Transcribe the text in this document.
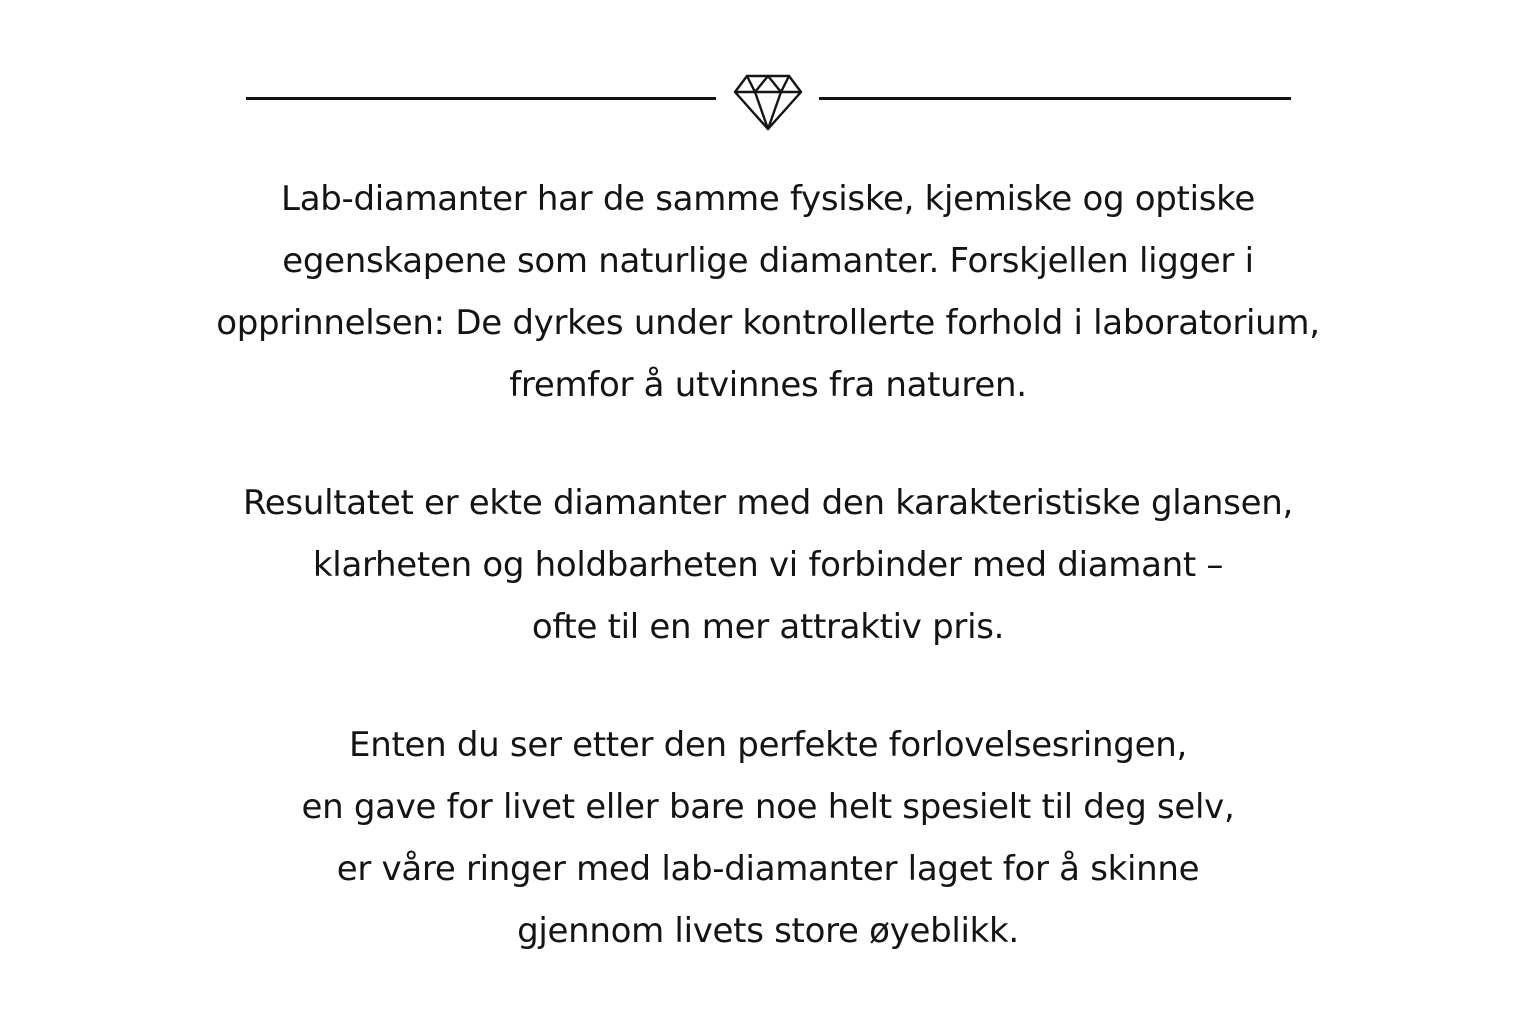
Lab-diamanter har de samme fysiske, kjemiske og optiske
egenskapene som naturlige diamanter. Forskjellen ligger i
opprinnelsen: De dyrkes under kontrollerte forhold i laboratorium,
fremfor å utvinnes fra naturen.

Resultatet er ekte diamanter med den karakteristiske glansen,
klarheten og holdbarheten vi forbinder med diamant –
ofte til en mer attraktiv pris.

Enten du ser etter den perfekte forlovelsesringen,
en gave for livet eller bare noe helt spesielt til deg selv,
er våre ringer med lab-diamanter laget for å skinne
gjennom livets store øyeblikk.
